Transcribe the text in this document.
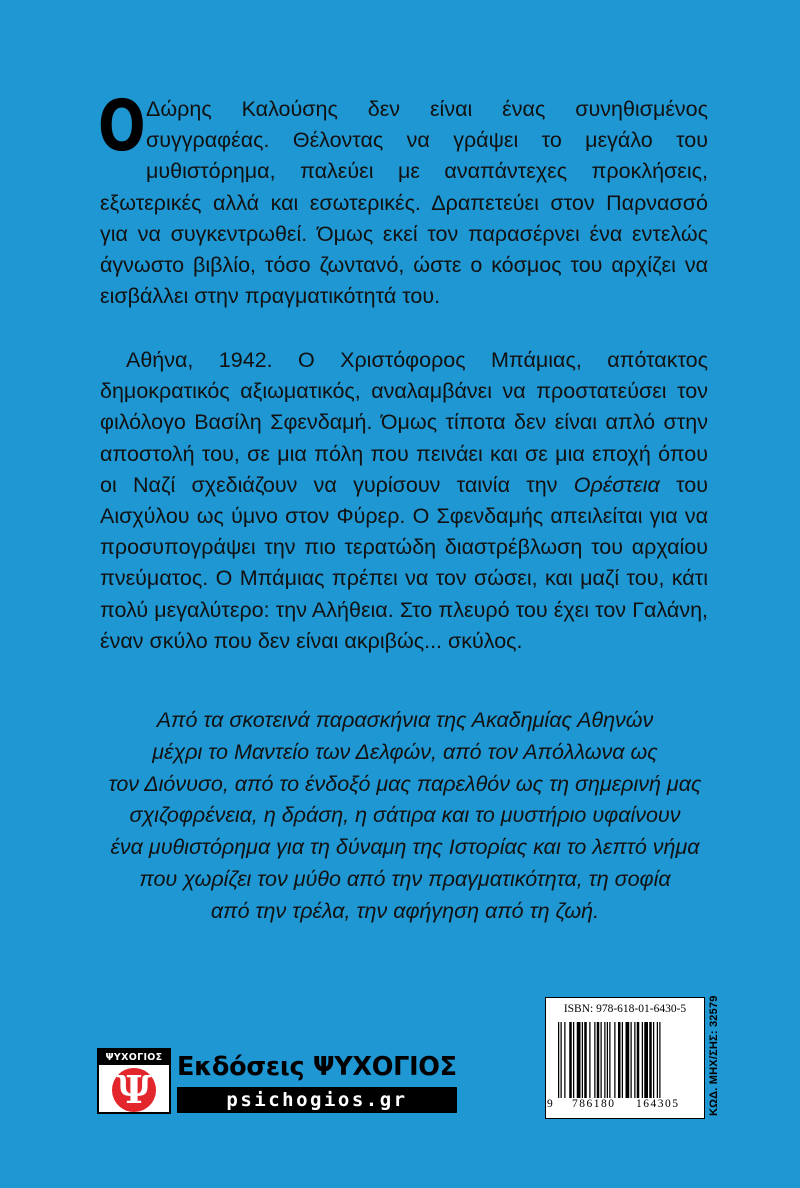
Ο Δώρης Καλούσης δεν είναι ένας συνηθισμένος συγγραφέας. Θέλοντας να γράψει το μεγάλο του μυθιστόρημα, παλεύει με αναπάντεχες προκλήσεις, εξωτερικές αλλά και εσωτερικές. Δραπετεύει στον Παρνασσό για να συγκεντρωθεί. Όμως εκεί τον παρασέρνει ένα εντελώς άγνωστο βιβλίο, τόσο ζωντανό, ώστε ο κόσμος του αρχίζει να εισβάλλει στην πραγματικότητά του.
Αθήνα, 1942. Ο Χριστόφορος Μπάμιας, απότακτος δημοκρατικός αξιωματικός, αναλαμβάνει να προστατεύσει τον φιλόλογο Βασίλη Σφενδαμή. Όμως τίποτα δεν είναι απλό στην αποστολή του, σε μια πόλη που πεινάει και σε μια εποχή όπου οι Ναζί σχεδιάζουν να γυρίσουν ταινία την Ορέστεια του Αισχύλου ως ύμνο στον Φύρερ. Ο Σφενδαμής απειλείται για να προσυπογράψει την πιο τερατώδη διαστρέβλωση του αρχαίου πνεύματος. Ο Μπάμιας πρέπει να τον σώσει, και μαζί του, κάτι πολύ μεγαλύτερο: την Αλήθεια. Στο πλευρό του έχει τον Γαλάνη, έναν σκύλο που δεν είναι ακριβώς... σκύλος.
Από τα σκοτεινά παρασκήνια της Ακαδημίας Αθηνών
μέχρι το Μαντείο των Δελφών, από τον Απόλλωνα ως
τον Διόνυσο, από το ένδοξό μας παρελθόν ως τη σημερινή μας
σχιζοφρένεια, η δράση, η σάτιρα και το μυστήριο υφαίνουν
ένα μυθιστόρημα για τη δύναμη της Ιστορίας και το λεπτό νήμα
που χωρίζει τον μύθο από την πραγματικότητα, τη σοφία
από την τρέλα, την αφήγηση από τη ζωή.
ΨΥΧΟΓΙΟΣ
Ψ Εκδόσεις ΨΥΧΟΓΙΟΣ
psichogios.gr
ISBN: 978-618-01-6430-5
9 786180 164305	ΚΩΔ. ΜΗΧ/ΣΗΣ: 32579
